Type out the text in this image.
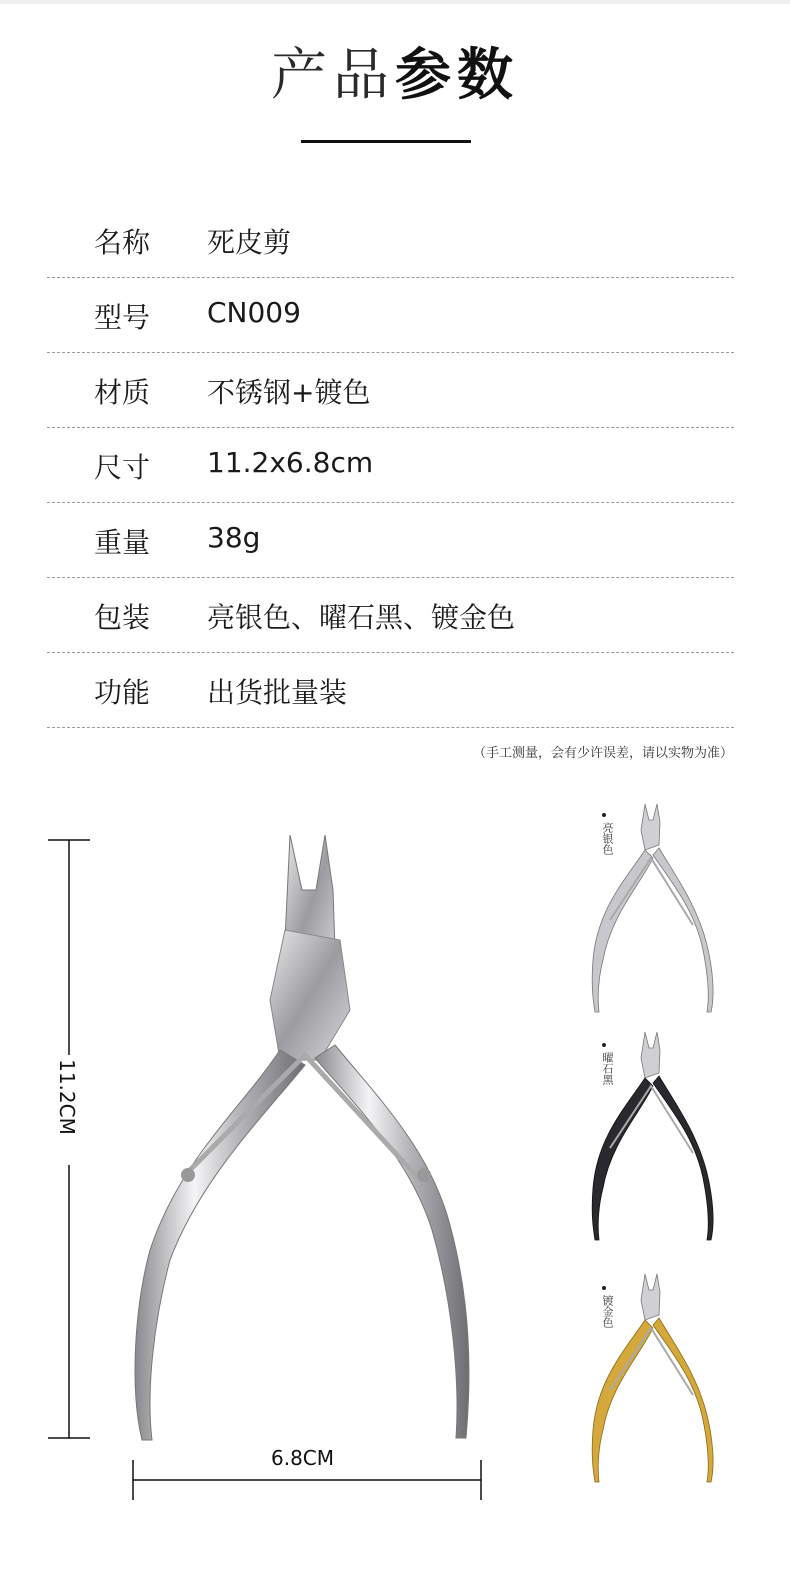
产品参数
名称 死皮剪
型号 CN009
材质 不锈钢+镀色
尺寸 11.2x6.8cm
重量 38g
包装 亮银色、曜石黑、镀金色
功能 出货批量装
（手工测量，会有少许误差，请以实物为准）
11.2CM
6.8CM
亮银色
曜石黑
镀金色
